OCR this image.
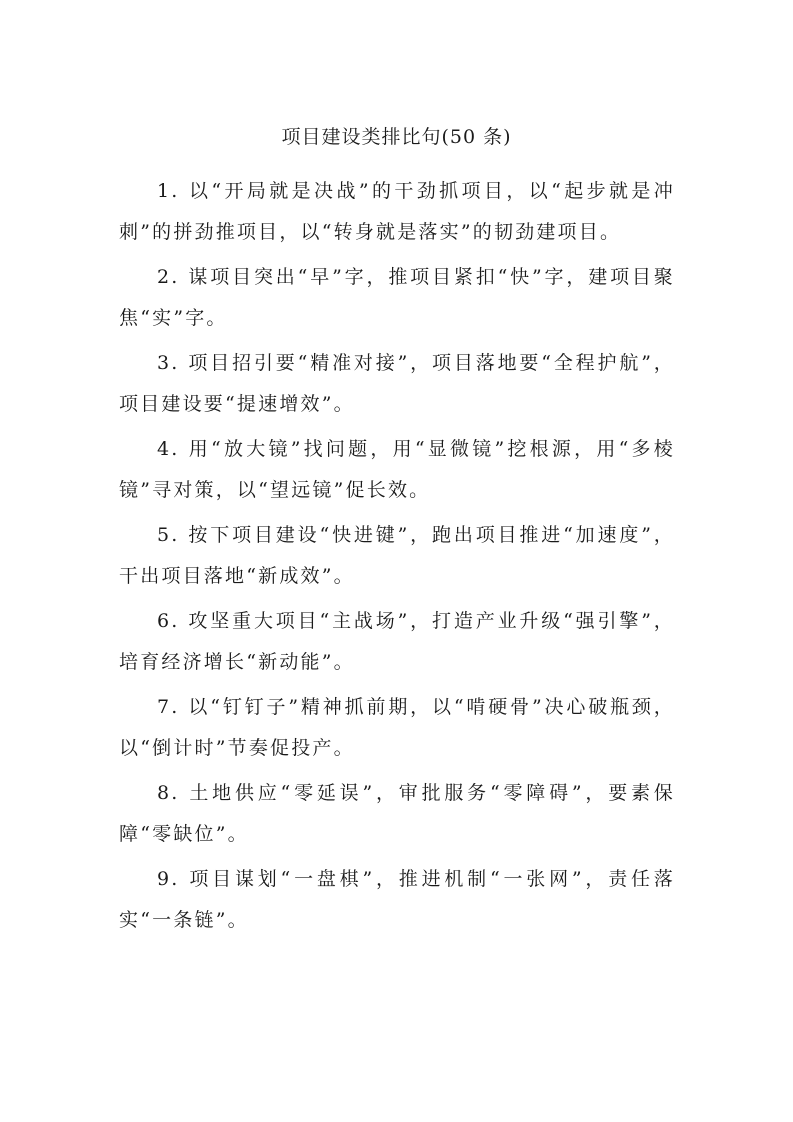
项目建设类排比句(50 条)

1. 以“开局就是决战”的干劲抓项目，以“起步就是冲刺”的拼劲推项目，以“转身就是落实”的韧劲建项目。

2. 谋项目突出“早”字，推项目紧扣“快”字，建项目聚焦“实”字。

3. 项目招引要“精准对接”，项目落地要“全程护航”，项目建设要“提速增效”。

4. 用“放大镜”找问题，用“显微镜”挖根源，用“多棱镜”寻对策，以“望远镜”促长效。

5. 按下项目建设“快进键”，跑出项目推进“加速度”，干出项目落地“新成效”。

6. 攻坚重大项目“主战场”，打造产业升级“强引擎”，培育经济增长“新动能”。

7. 以“钉钉子”精神抓前期，以“啃硬骨”决心破瓶颈，以“倒计时”节奏促投产。

8. 土地供应“零延误”，审批服务“零障碍”，要素保障“零缺位”。

9. 项目谋划“一盘棋”，推进机制“一张网”，责任落实“一条链”。
